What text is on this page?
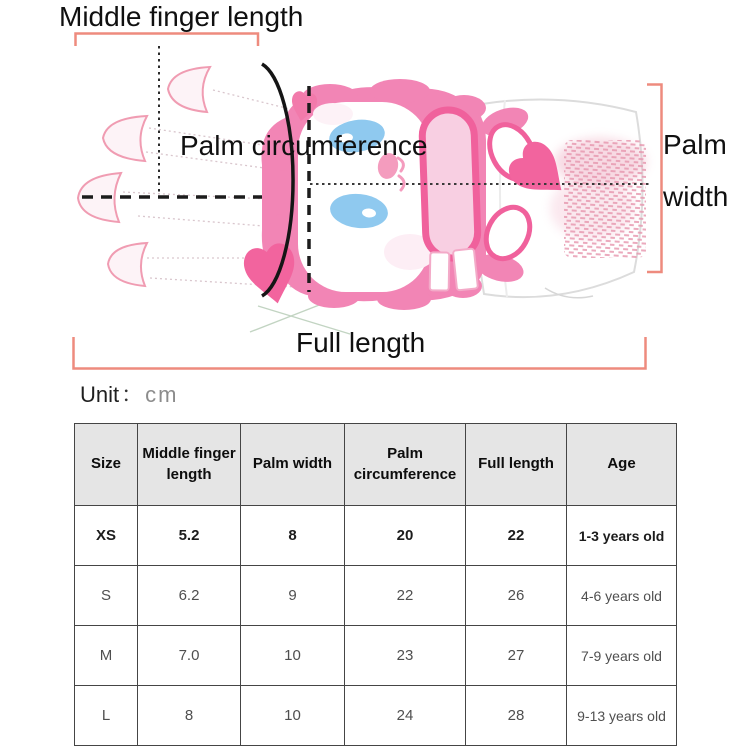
Middle finger length
Palm circumference	Palm
width
Full length
Unit：cm
Size	Middle finger length	Palm width	Palm circumference	Full length	Age
XS	5.2	8	20	22	1-3 years old
S	6.2	9	22	26	4-6 years old
M	7.0	10	23	27	7-9 years old
L	8	10	24	28	9-13 years old
